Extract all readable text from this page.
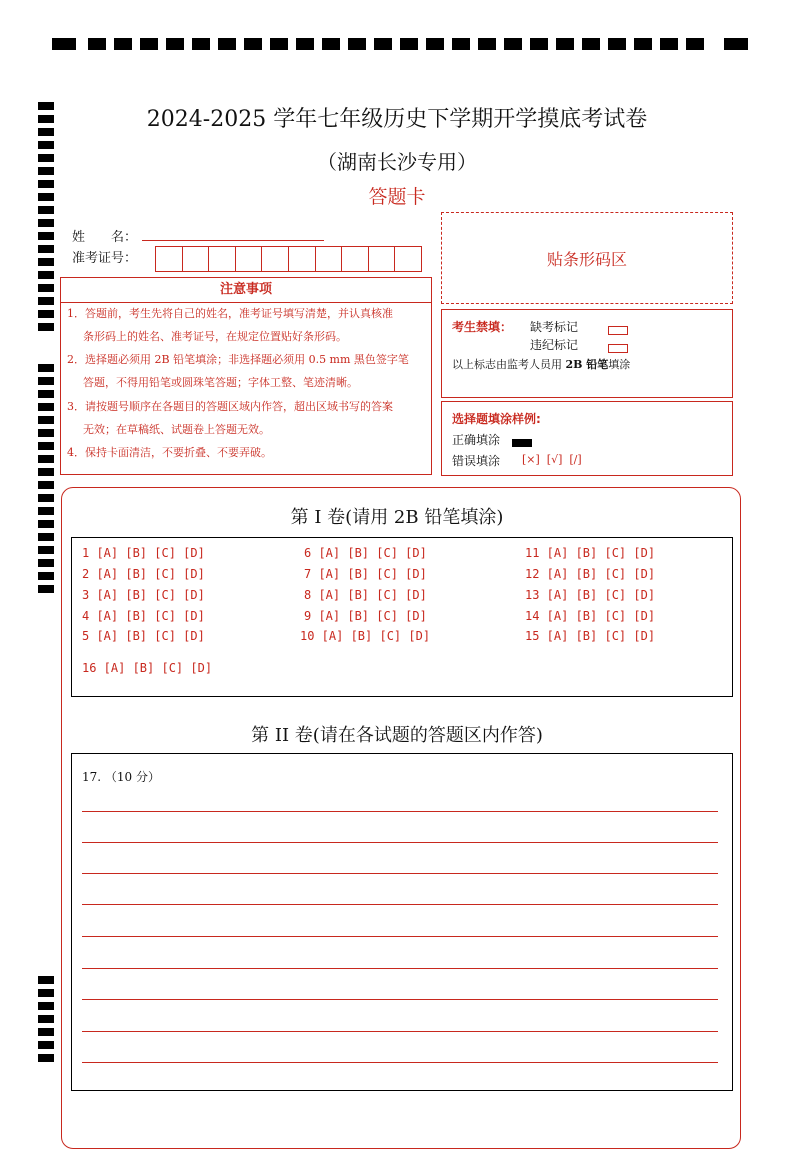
2024-2025 学年七年级历史下学期开学摸底考试卷
（湖南长沙专用）
答题卡
姓　　名：
准考证号：
注意事项
1．答题前，考生先将自己的姓名，准考证号填写清楚，并认真核准
条形码上的姓名、准考证号，在规定位置贴好条形码。
2．选择题必须用 2B 铅笔填涂；非选择题必须用 0.5 mm 黑色签字笔
答题，不得用铅笔或圆珠笔答题；字体工整、笔迹清晰。
3．请按题号顺序在各题目的答题区域内作答，超出区域书写的答案
无效；在草稿纸、试题卷上答题无效。
4．保持卡面清洁，不要折叠、不要弄破。
贴条形码区
考生禁填： 缺考标记
违纪标记
以上标志由监考人员用 2B 铅笔填涂
选择题填涂样例:
正确填涂
错误填涂 [×]  [√]  [/]
第 I 卷(请用 2B 铅笔填涂)
1 [A] [B] [C] [D]
2 [A] [B] [C] [D]
3 [A] [B] [C] [D]
4 [A] [B] [C] [D]
5 [A] [B] [C] [D]
6 [A] [B] [C] [D]
7 [A] [B] [C] [D]
8 [A] [B] [C] [D]
9 [A] [B] [C] [D]
10 [A] [B] [C] [D]
11 [A] [B] [C] [D]
12 [A] [B] [C] [D]
13 [A] [B] [C] [D]
14 [A] [B] [C] [D]
15 [A] [B] [C] [D]
16 [A] [B] [C] [D]
第 II 卷(请在各试题的答题区内作答)
17. （10 分）
